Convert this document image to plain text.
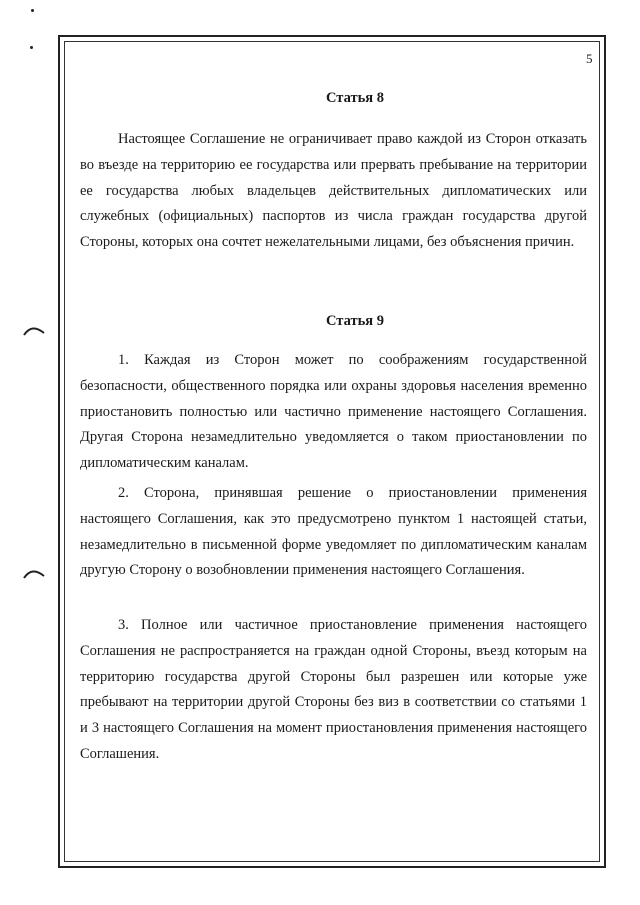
5
Статья 8

Настоящее Соглашение не ограничивает право каждой из Сторон отказать во въезде на территорию ее государства или прервать пребывание на территории ее государства любых владельцев действительных дипломатических или служебных (официальных) паспортов из числа граждан государства другой Стороны, которых она сочтет нежелательными лицами, без объяснения причин.

Статья 9

1. Каждая из Сторон может по соображениям государственной безопасности, общественного порядка или охраны здоровья населения временно приостановить полностью или частично применение настоящего Соглашения. Другая Сторона незамедлительно уведомляется о таком приостановлении по дипломатическим каналам.

2. Сторона, принявшая решение о приостановлении применения настоящего Соглашения, как это предусмотрено пунктом 1 настоящей статьи, незамедлительно в письменной форме уведомляет по дипломатическим каналам другую Сторону о возобновлении применения настоящего Соглашения.

3. Полное или частичное приостановление применения настоящего Соглашения не распространяется на граждан одной Стороны, въезд которым на территорию государства другой Стороны был разрешен или которые уже пребывают на территории другой Стороны без виз в соответствии со статьями 1 и 3 настоящего Соглашения на момент приостановления применения настоящего Соглашения.
